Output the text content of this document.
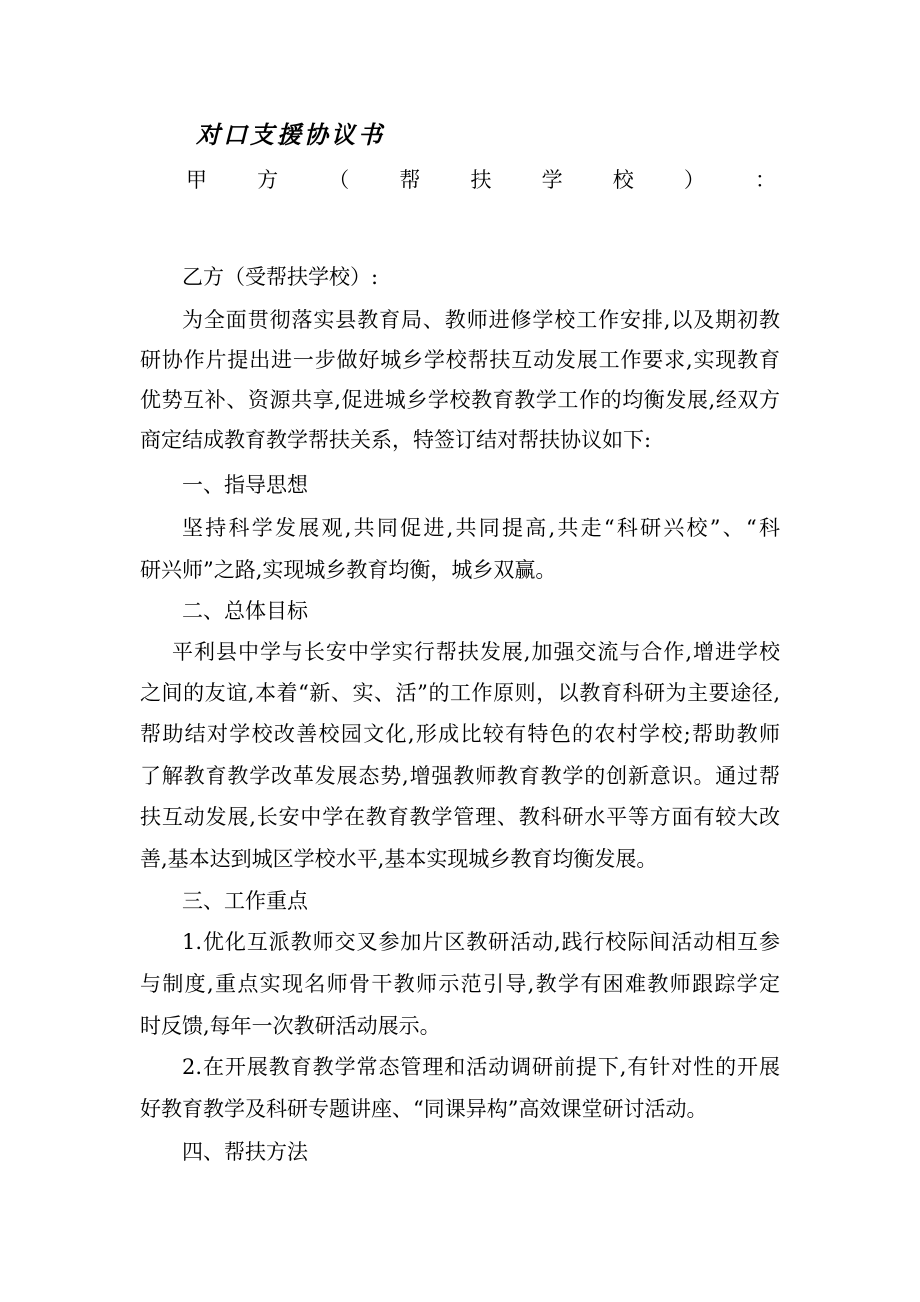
对口支援协议书
甲 方 （ 帮 扶 学 校 ） ：
乙方（受帮扶学校）:
为全面贯彻落实县教育局、教师进修学校工作安排,以及期初教
研协作片提出进一步做好城乡学校帮扶互动发展工作要求,实现教育
优势互补、资源共享,促进城乡学校教育教学工作的均衡发展,经双方
商定结成教育教学帮扶关系，特签订结对帮扶协议如下:
一、指导思想
坚持科学发展观,共同促进,共同提高,共走“科研兴校”、“科
研兴师”之路,实现城乡教育均衡，城乡双赢。
二、总体目标
平利县中学与长安中学实行帮扶发展,加强交流与合作,增进学校
之间的友谊,本着“新、实、活”的工作原则，以教育科研为主要途径,
帮助结对学校改善校园文化,形成比较有特色的农村学校;帮助教师
了解教育教学改革发展态势,增强教师教育教学的创新意识。通过帮
扶互动发展,长安中学在教育教学管理、教科研水平等方面有较大改
善,基本达到城区学校水平,基本实现城乡教育均衡发展。
三、工作重点
1.优化互派教师交叉参加片区教研活动,践行校际间活动相互参
与制度,重点实现名师骨干教师示范引导,教学有困难教师跟踪学定
时反馈,每年一次教研活动展示。
2.在开展教育教学常态管理和活动调研前提下,有针对性的开展
好教育教学及科研专题讲座、“同课异构”高效课堂研讨活动。
四、帮扶方法
